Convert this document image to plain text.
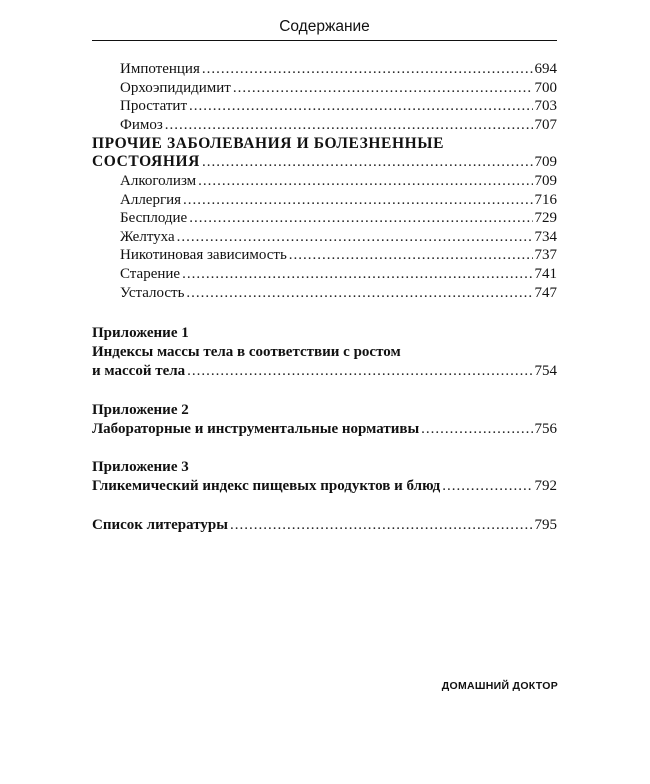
Содержание
Импотенция .....	694
Орхоэпидидимит .....	700
Простатит .....	703
Фимоз .....	707
ПРОЧИЕ ЗАБОЛЕВАНИЯ И БОЛЕЗНЕННЫЕ
СОСТОЯНИЯ .....	709
Алкоголизм .....	709
Аллергия .....	716
Бесплодие .....	729
Желтуха .....	734
Никотиновая зависимость .....	737
Старение .....	741
Усталость .....	747
Приложение 1
Индексы массы тела в соответствии с ростом
и массой тела .....	754
Приложение 2
Лабораторные и инструментальные нормативы .....	756
Приложение 3
Гликемический индекс пищевых продуктов и блюд .....	792
Список литературы .....	795
ДОМАШНИЙ ДОКТОР
